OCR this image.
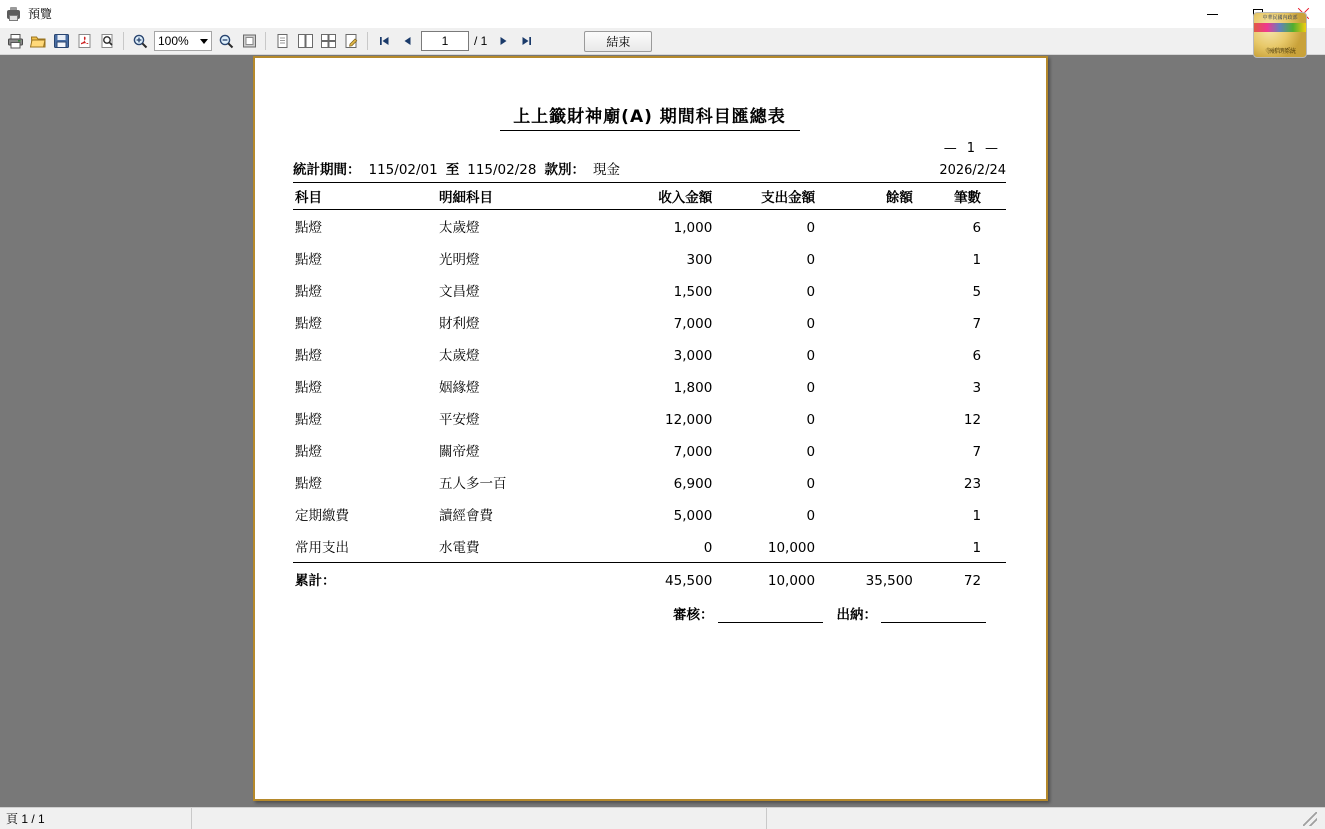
預覽	中華民國內政部
寺廟管理系統
100%
1	/ 1	結束
上上籤財神廟(A) 期間科目匯總表
— 1 —
統計期間： 115/02/01 至 115/02/28 款別： 現金	2026/2/24
科目	明細科目	收入金額	支出金額	餘額	筆數	
點燈	太歲燈	1,000	0		6	
點燈	光明燈	300	0		1	
點燈	文昌燈	1,500	0		5	
點燈	財利燈	7,000	0		7	
點燈	太歲燈	3,000	0		6	
點燈	姻緣燈	1,800	0		3	
點燈	平安燈	12,000	0		12	
點燈	關帝燈	7,000	0		7	
點燈	五人多一百	6,900	0		23	
定期繳費	讀經會費	5,000	0		1	
常用支出	水電費	0	10,000		1	
累計：		45,500	10,000	35,500	72	
審核：	出納：
頁 1 / 1
